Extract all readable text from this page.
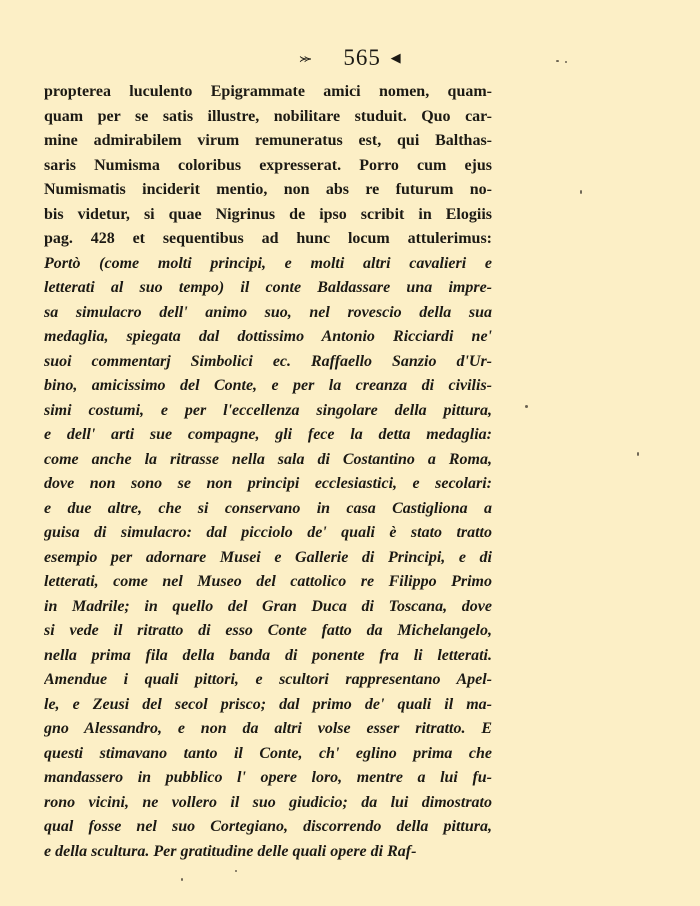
⪼ 565 ◀
propterea luculento Epigrammate amici nomen, quam-
quam per se satis illustre, nobilitare studuit. Quo car-
mine admirabilem virum remuneratus est, qui Balthas-
saris Numisma coloribus expresserat. Porro cum ejus
Numismatis inciderit mentio, non abs re futurum no-
bis videtur, si quae Nigrinus de ipso scribit in Elogiis
pag. 428 et sequentibus ad hunc locum attulerimus:
Portò (come molti principi, e molti altri cavalieri e
letterati al suo tempo) il conte Baldassare una impre-
sa simulacro dell' animo suo, nel rovescio della sua
medaglia, spiegata dal dottissimo Antonio Ricciardi ne'
suoi commentarj Simbolici ec. Raffaello Sanzio d'Ur-
bino, amicissimo del Conte, e per la creanza di civilis-
simi costumi, e per l'eccellenza singolare della pittura,
e dell' arti sue compagne, gli fece la detta medaglia:
come anche la ritrasse nella sala di Costantino a Roma,
dove non sono se non principi ecclesiastici, e secolari:
e due altre, che si conservano in casa Castigliona a
guisa di simulacro: dal picciolo de' quali è stato tratto
esempio per adornare Musei e Gallerie di Principi, e di
letterati, come nel Museo del cattolico re Filippo Primo
in Madrile; in quello del Gran Duca di Toscana, dove
si vede il ritratto di esso Conte fatto da Michelangelo,
nella prima fila della banda di ponente fra li letterati.
Amendue i quali pittori, e scultori rappresentano Apel-
le, e Zeusi del secol prisco; dal primo de' quali il ma-
gno Alessandro, e non da altri volse esser ritratto. E
questi stimavano tanto il Conte, ch' eglino prima che
mandassero in pubblico l' opere loro, mentre a lui fu-
rono vicini, ne vollero il suo giudicio; da lui dimostrato
qual fosse nel suo Cortegiano, discorrendo della pittura,
e della scultura. Per gratitudine delle quali opere di Raf-
